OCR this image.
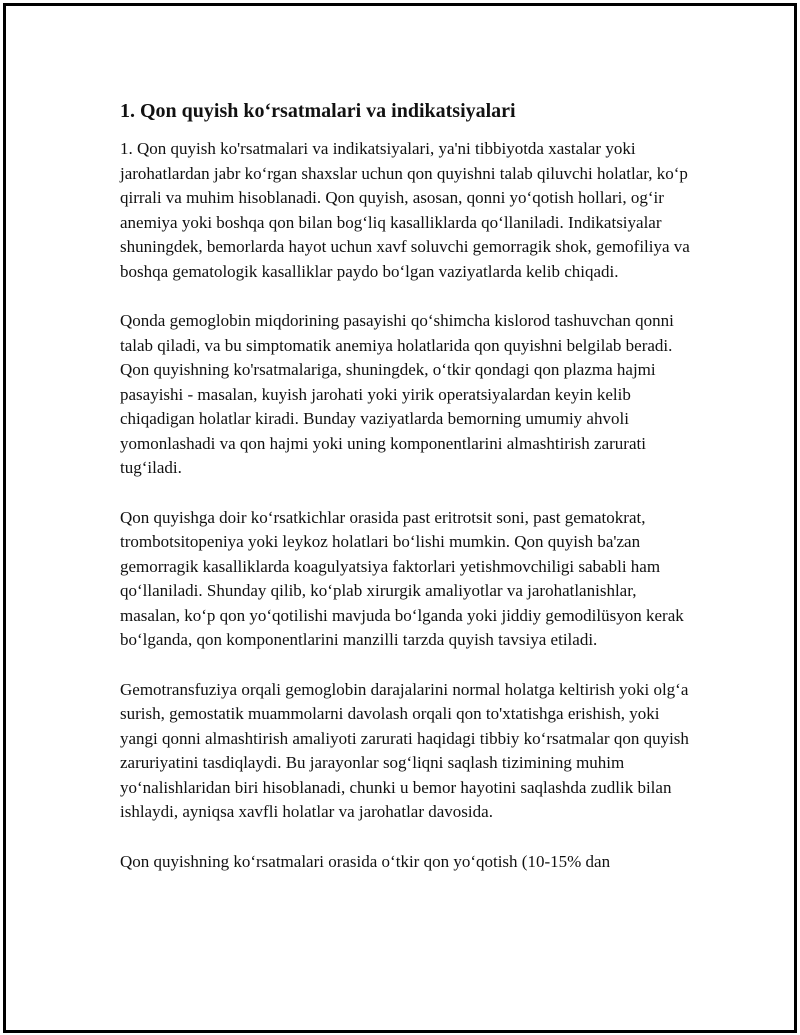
1. Qon quyish koʻrsatmalari va indikatsiyalari

1. Qon quyish ko'rsatmalari va indikatsiyalari, ya'ni tibbiyotda xastalar yoki jarohatlardan jabr ko‘rgan shaxslar uchun qon quyishni talab qiluvchi holatlar, ko‘p qirrali va muhim hisoblanadi. Qon quyish, asosan, qonni yo‘qotish hollari, og‘ir anemiya yoki boshqa qon bilan bog‘liq kasalliklarda qo‘llaniladi. Indikatsiyalar shuningdek, bemorlarda hayot uchun xavf soluvchi gemorragik shok, gemofiliya va boshqa gematologik kasalliklar paydo bo‘lgan vaziyatlarda kelib chiqadi.

Qonda gemoglobin miqdorining pasayishi qo‘shimcha kislorod tashuvchan qonni talab qiladi, va bu simptomatik anemiya holatlarida qon quyishni belgilab beradi. Qon quyishning ko'rsatmalariga, shuningdek, o‘tkir qondagi qon plazma hajmi pasayishi - masalan, kuyish jarohati yoki yirik operatsiyalardan keyin kelib chiqadigan holatlar kiradi. Bunday vaziyatlarda bemorning umumiy ahvoli yomonlashadi va qon hajmi yoki uning komponentlarini almashtirish zarurati tug‘iladi.

Qon quyishga doir ko‘rsatkichlar orasida past eritrotsit soni, past gematokrat, trombotsitopeniya yoki leykoz holatlari bo‘lishi mumkin. Qon quyish ba'zan gemorragik kasalliklarda koagulyatsiya faktorlari yetishmovchiligi sababli ham qo‘llaniladi. Shunday qilib, ko‘plab xirurgik amaliyotlar va jarohatlanishlar, masalan, ko‘p qon yo‘qotilishi mavjuda bo‘lganda yoki jiddiy gemodilüsyon kerak bo‘lganda, qon komponentlarini manzilli tarzda quyish tavsiya etiladi.

Gemotransfuziya orqali gemoglobin darajalarini normal holatga keltirish yoki olg‘a surish, gemostatik muammolarni davolash orqali qon to'xtatishga erishish, yoki yangi qonni almashtirish amaliyoti zarurati haqidagi tibbiy ko‘rsatmalar qon quyish zaruriyatini tasdiqlaydi. Bu jarayonlar sog‘liqni saqlash tizimining muhim yo‘nalishlaridan biri hisoblanadi, chunki u bemor hayotini saqlashda zudlik bilan ishlaydi, ayniqsa xavfli holatlar va jarohatlar davosida.

Qon quyishning ko‘rsatmalari orasida o‘tkir qon yo‘qotish (10-15% dan
